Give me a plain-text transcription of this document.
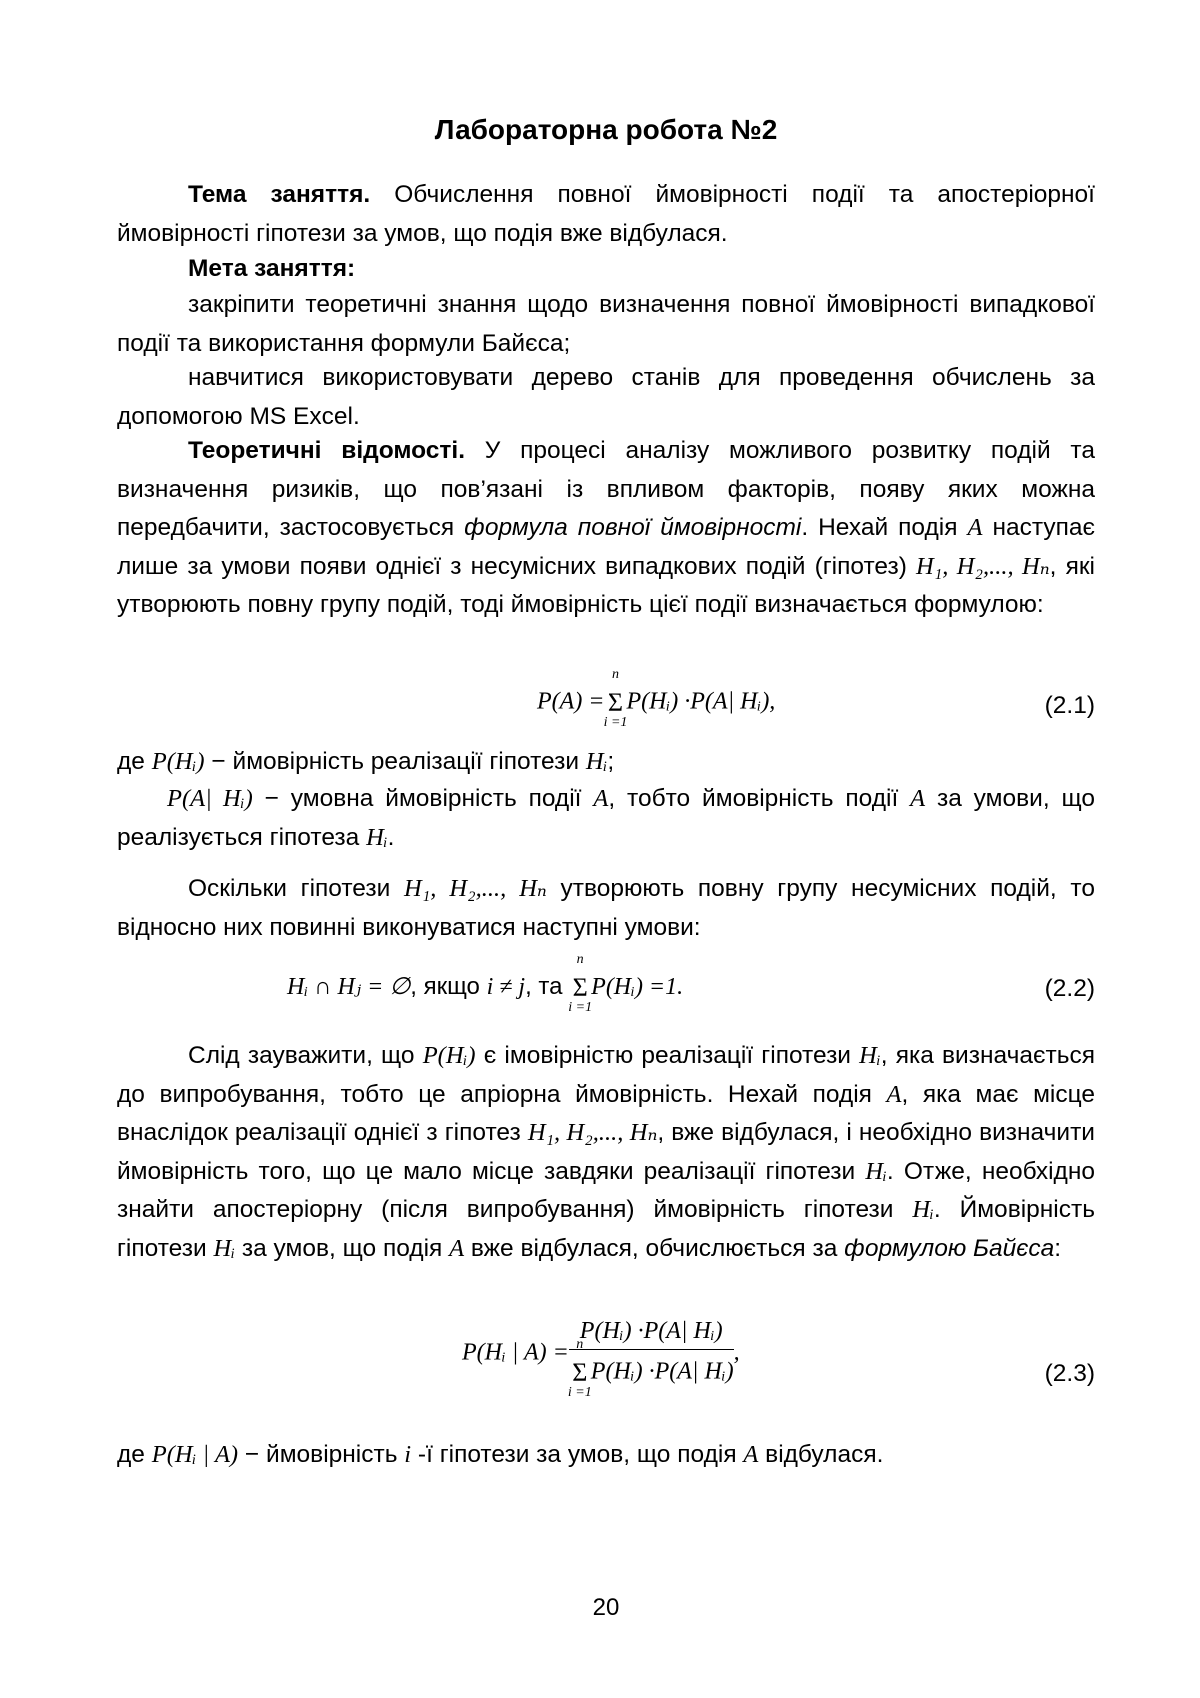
Лабораторна робота №2

Тема заняття. Обчислення повної ймовірності події та апостеріорної ймовірності гіпотези за умов, що подія вже відбулася.

Мета заняття:

закріпити теоретичні знання щодо визначення повної ймовірності випадкової події та використання формули Байєса;

навчитися використовувати дерево станів для проведення обчислень за допомогою MS Excel.

Теоретичні відомості. У процесі аналізу можливого розвитку подій та визначення ризиків, що пов’язані із впливом факторів, появу яких можна передбачити, застосовується формула повної ймовірності. Нехай подія A наступає лише за умови появи однієї з несумісних випадкових подій (гіпотез) H₁, H₂,..., Hₙ, які утворюють повну групу подій, тоді ймовірність цієї події визначається формулою:

P(A) =
n
Σ
i =1
P(Hᵢ) ·P(A| Hᵢ),	(2.1)

де P(Hᵢ) − ймовірність реалізації гіпотези Hᵢ;

P(A| Hᵢ) − умовна ймовірність події A, тобто ймовірність події A за умови, що реалізується гіпотеза Hᵢ.

Оскільки гіпотези H₁, H₂,..., Hₙ утворюють повну групу несумісних подій, то відносно них повинні виконуватися наступні умови:

Hᵢ ∩ Hⱼ = ∅, якщо i ≠ j, та
n
Σ
i =1
P(Hᵢ) =1.	(2.2)

Слід зауважити, що P(Hᵢ) є імовірністю реалізації гіпотези Hᵢ, яка визначається до випробування, тобто це апріорна ймовірність. Нехай подія A, яка має місце внаслідок реалізації однієї з гіпотез H₁, H₂,..., Hₙ, вже відбулася, і необхідно визначити ймовірність того, що це мало місце завдяки реалізації гіпотези Hᵢ. Отже, необхідно знайти апостеріорну (після випробування) ймовірність гіпотези Hᵢ. Ймовірність гіпотези Hᵢ за умов, що подія A вже відбулася, обчислюється за формулою Байєса:

P(Hᵢ | A) = P(Hᵢ) ·P(A| Hᵢ)
n
Σ
i =1
P(Hᵢ) ·P(A| Hᵢ) ,
(2.3)

де P(Hᵢ | A) − ймовірність i -ї гіпотези за умов, що подія A відбулася.

20
